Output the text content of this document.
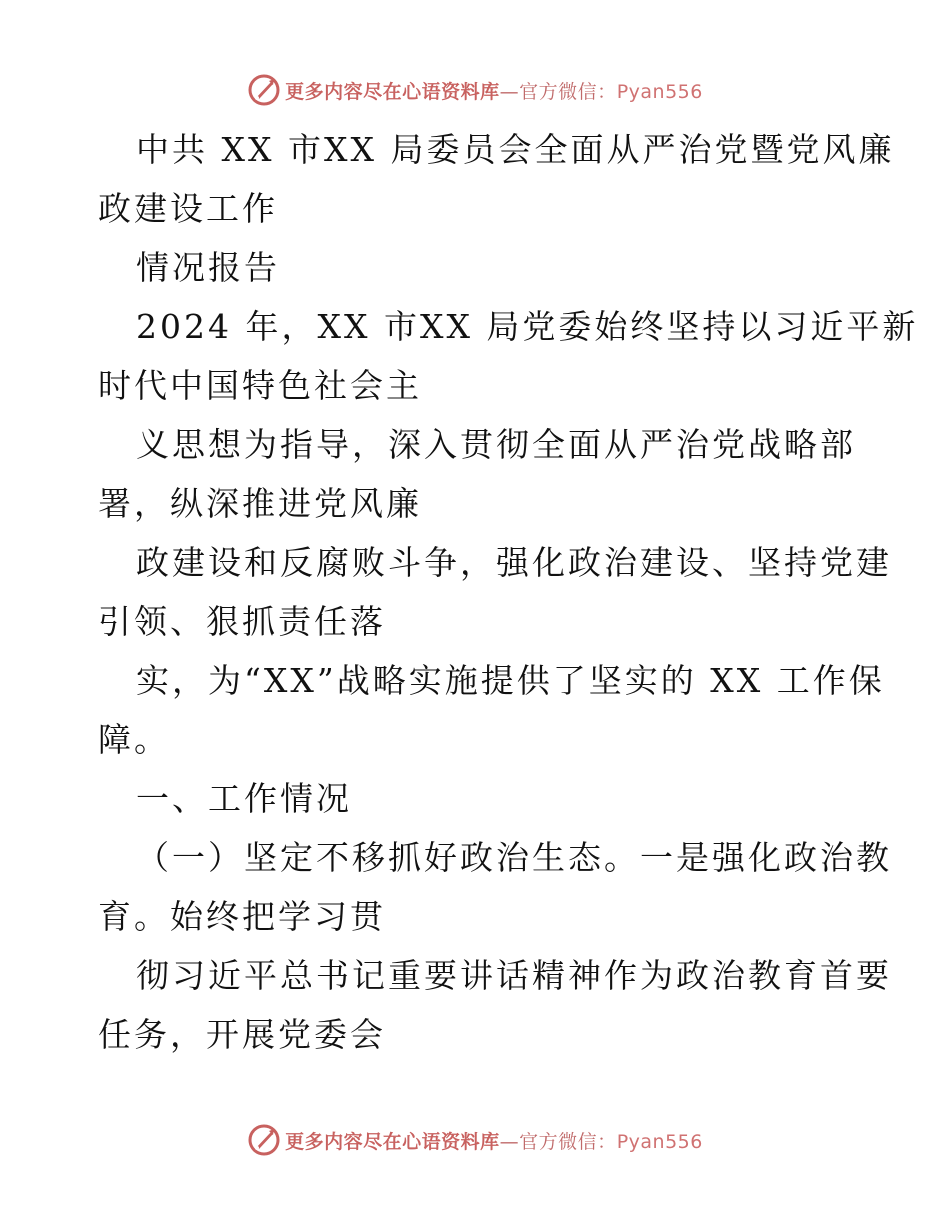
更多内容尽在心语资料库—官方微信：Pyan556
中共 XX 市XX 局委员会全面从严治党暨党风廉
政建设工作
情况报告
2024 年，XX 市XX 局党委始终坚持以习近平新
时代中国特色社会主
义思想为指导，深入贯彻全面从严治党战略部
署，纵深推进党风廉
政建设和反腐败斗争，强化政治建设、坚持党建
引领、狠抓责任落
实，为“XX”战略实施提供了坚实的 XX 工作保
障。
一、工作情况
（一）坚定不移抓好政治生态。一是强化政治教
育。始终把学习贯
彻习近平总书记重要讲话精神作为政治教育首要
任务，开展党委会
更多内容尽在心语资料库—官方微信：Pyan556
